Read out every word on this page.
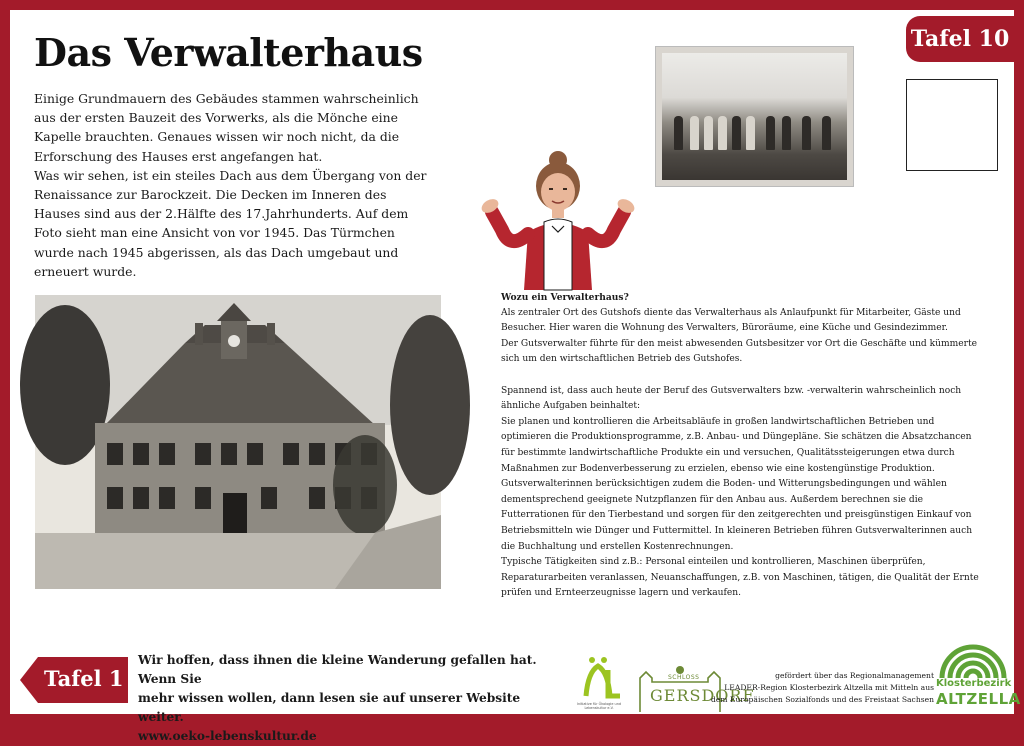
Das Verwalterhaus	Tafel 10

Einige Grundmauern des Gebäudes stammen wahrscheinlich aus der ersten Bauzeit des Vorwerks, als die Mönche eine Kapelle brauchten. Genaues wissen wir noch nicht, da die Erforschung des Hauses erst angefangen hat.

Was wir sehen, ist ein steiles Dach aus dem Übergang von der Renaissance zur Barockzeit. Die Decken im Inneren des Hauses sind aus der 2.Hälfte des 17.Jahrhunderts. Auf dem Foto sieht man eine Ansicht von vor 1945. Das Türmchen wurde nach 1945 abgerissen, als das Dach umgebaut und erneuert wurde.

Wozu ein Verwalterhaus?

Als zentraler Ort des Gutshofs diente das Verwalterhaus als Anlaufpunkt für Mitarbeiter, Gäste und Besucher. Hier waren die Wohnung des Verwalters, Büroräume, eine Küche und Gesindezimmer.

Der Gutsverwalter führte für den meist abwesenden Gutsbesitzer vor Ort die Geschäfte und kümmerte sich um den wirtschaftlichen Betrieb des Gutshofes.

Spannend ist, dass auch heute der Beruf des Gutsverwalters bzw. -verwalterin wahrscheinlich noch ähnliche Aufgaben beinhaltet:

Sie planen und kontrollieren die Arbeitsabläufe in großen landwirtschaftlichen Betrieben und optimieren die Produktionsprogramme, z.B. Anbau- und Düngepläne. Sie schätzen die Absatzchancen für bestimmte landwirtschaftliche Produkte ein und versuchen, Qualitätssteigerungen etwa durch Maßnahmen zur Bodenverbesserung zu erzielen, ebenso wie eine kostengünstige Produktion.

Gutsverwalterinnen berücksichtigen zudem die Boden- und Witterungsbedingungen und wählen dementsprechend geeignete Nutzpflanzen für den Anbau aus. Außerdem berechnen sie die Futterrationen für den Tierbestand und sorgen für den zeitgerechten und preisgünstigen Einkauf von Betriebsmitteln wie Dünger und Futtermittel. In kleineren Betrieben führen Gutsverwalterinnen auch die Buchhaltung und erstellen Kostenrechnungen.

Typische Tätigkeiten sind z.B.: Personal einteilen und kontrollieren, Maschinen überprüfen, Reparaturarbeiten veranlassen, Neuanschaffungen, z.B. von Maschinen, tätigen, die Qualität der Ernte prüfen und Ernteerzeugnisse lagern und verkaufen.

Tafel 1
Wir hoffen, dass ihnen die kleine Wanderung gefallen hat. Wenn Sie
mehr wissen wollen, dann lesen sie auf unserer Website weiter.
www.oeko-lebenskultur.de
Initiative für Ökologie und Lebenskultur e.V.
SCHLOSS
GERSDORF
gefördert über das Regionalmanagement
LEADER-Region Klosterbezirk Altzella mit Mitteln aus
dem Europäischen Sozialfonds und des Freistaat Sachsen
Klosterbezirk
ALTZELLA
